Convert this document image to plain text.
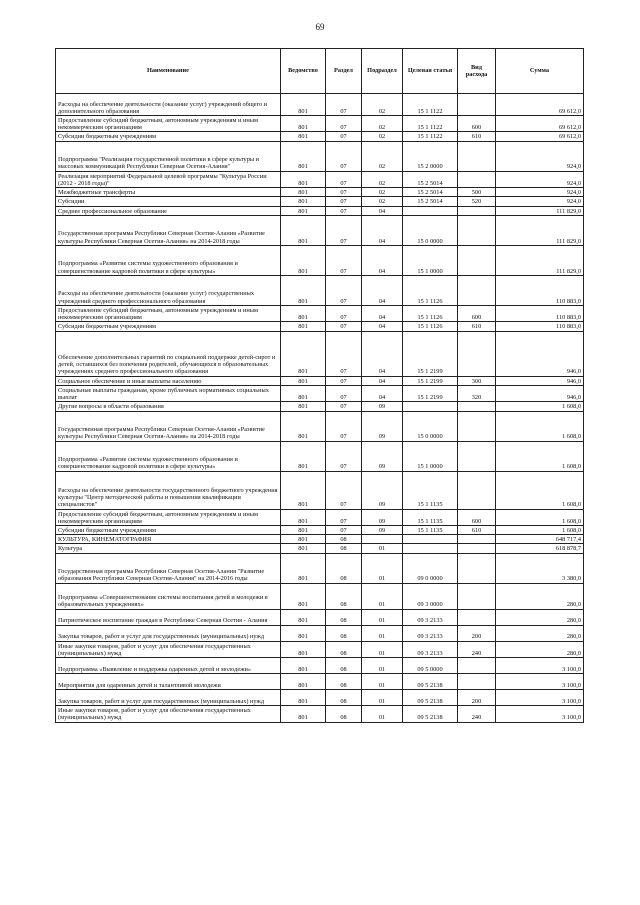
69
Наименование	Ведомство	Раздел	Подраздел	Целевая статья	Вид расхода	Сумма
Расходы на обеспечение деятельности (оказание услуг) учреждений общего и дополнительного образования	801	07	02	15 1 1122		69 612,0
Предоставление субсидий бюджетным, автономным учреждениям и иным некоммерческим организациям	801	07	02	15 1 1122	600	69 612,0
Субсидии бюджетным учреждениям	801	07	02	15 1 1122	610	69 612,0
Подпрограмма "Реализация государственной политики в сфере культуры и массовых коммуникаций Республики Северная Осетия-Алания"	801	07	02	15 2 0000		924,0
Реализация мероприятий Федеральной целевой программы "Культура России (2012 - 2018 годы)"	801	07	02	15 2 5014		924,0
Межбюджетные трансферты	801	07	02	15 2 5014	500	924,0
Субсидии	801	07	02	15 2 5014	520	924,0
Среднее профессиональное образование	801	07	04			111 829,0
Государственная программа Республики Северная Осетия-Алания «Развитие культуры Республики Северная Осетия-Алания» на 2014-2018 годы	801	07	04	15 0 0000		111 829,0
Подпрограмма «Развитие системы художественного образования и совершенствование кадровой политики в сфере культуры»	801	07	04	15 1 0000		111 829,0
Расходы на обеспечение деятельности (оказание услуг) государственных учреждений среднего профессионального образования	801	07	04	15 1 1126		110 883,0
Предоставление субсидий бюджетным, автономным учреждениям и иным некоммерческим организациям	801	07	04	15 1 1126	600	110 883,0
Субсидии бюджетным учреждениям	801	07	04	15 1 1126	610	110 883,0
Обеспечение дополнительных гарантий по социальной поддержке детей-сирот и детей, оставшихся без попечения родителей, обучающихся в образовательных учреждениях среднего профессионального образования	801	07	04	15 1 2199		946,0
Социальное обеспечение и иные выплаты населению	801	07	04	15 1 2199	300	946,0
Социальные выплаты гражданам, кроме публичных нормативных социальных выплат	801	07	04	15 1 2199	320	946,0
Другие вопросы в области образования	801	07	09			1 608,0
Государственная программа Республики Северная Осетия-Алания «Развитие культуры Республики Северная Осетия-Алания» на 2014-2018 годы	801	07	09	15 0 0000		1 608,0
Подпрограмма «Развитие системы художественного образования и совершенствование кадровой политики в сфере культуры»	801	07	09	15 1 0000		1 608,0
Расходы на обеспечение деятельности государственного бюджетного учреждения культуры "Центр методической работы и повышения квалификации специалистов"	801	07	09	15 1 1135		1 608,0
Предоставление субсидий бюджетным, автономным учреждениям и иным некоммерческим организациям	801	07	09	15 1 1135	600	1 608,0
Субсидии бюджетным учреждениям	801	07	09	15 1 1135	610	1 608,0
КУЛЬТУРА, КИНЕМАТОГРАФИЯ	801	08				648 717,4
Культура	801	08	01			618 878,7
Государственная программа Республики Северная Осетия-Алания "Развитие образования Республики Северная Осетия-Алания" на 2014-2016 годы	801	08	01	09 0 0000		3 380,0
Подпрограмма «Совершенствование системы воспитания детей и молодежи в образовательных учреждениях»	801	08	01	09 3 0000		280,0
Патриотическое воспитание граждан в Республике Северная Осетия - Алания	801	08	01	09 3 2133		280,0
Закупка товаров, работ и услуг для государственных (муниципальных) нужд	801	08	01	09 3 2133	200	280,0
Иные закупки товаров, работ и услуг для обеспечения государственных (муниципальных) нужд	801	08	01	09 3 2133	240	280,0
Подпрограмма «Выявление и поддержка одаренных детей и молодежи»	801	08	01	09 5 0000		3 100,0
Мероприятия для одаренных детей и талантливой молодежи	801	08	01	09 5 2138		3 100,0
Закупка товаров, работ и услуг для государственных (муниципальных) нужд	801	08	01	09 5 2138	200	3 100,0
Иные закупки товаров, работ и услуг для обеспечения государственных (муниципальных) нужд	801	08	01	09 5 2138	240	3 100,0
